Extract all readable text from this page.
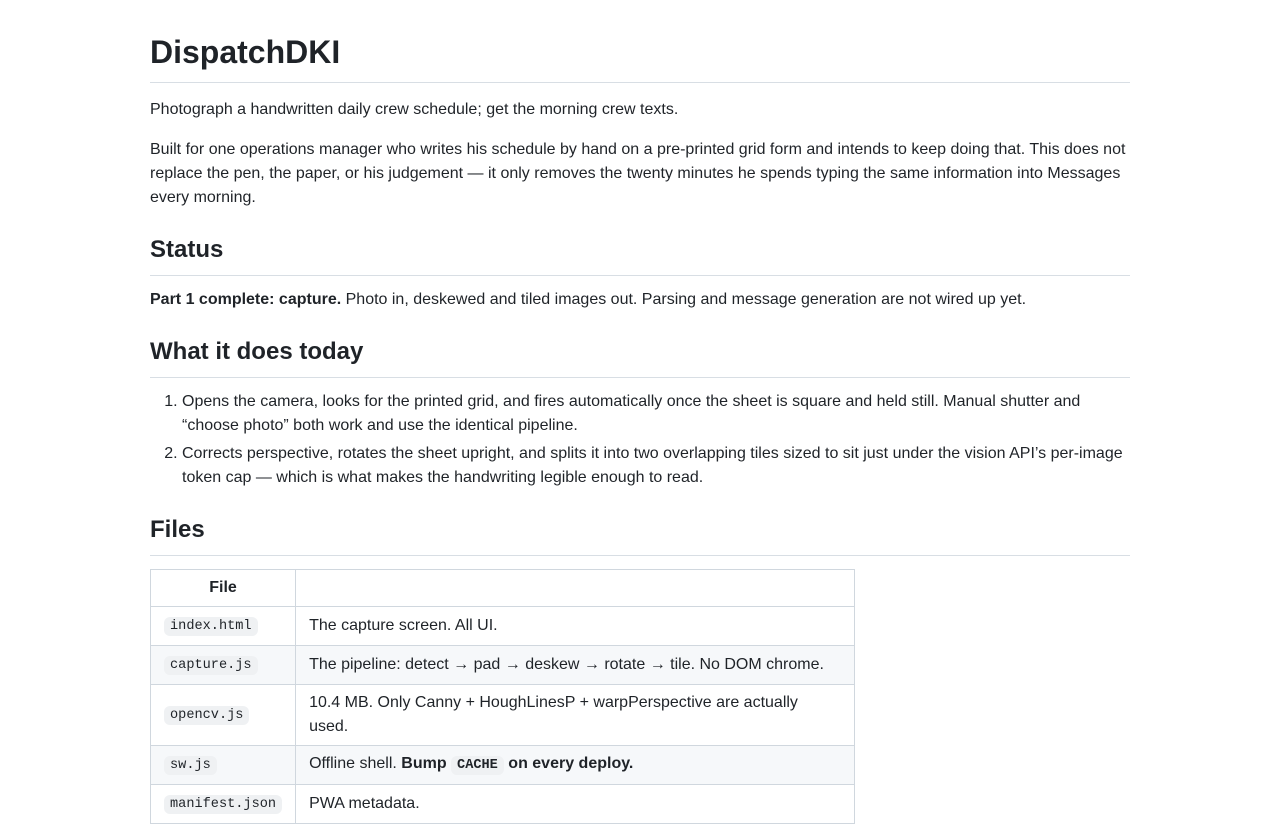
DispatchDKI

Photograph a handwritten daily crew schedule; get the morning crew texts.

Built for one operations manager who writes his schedule by hand on a pre-printed grid form and intends to keep doing that. This does not replace the pen, the paper, or his judgement — it only removes the twenty minutes he spends typing the same information into Messages every morning.

Status

Part 1 complete: capture. Photo in, deskewed and tiled images out. Parsing and message generation are not wired up yet.

What it does today
1. Opens the camera, looks for the printed grid, and fires automatically once the sheet is square and held still. Manual shutter and “choose photo” both work and use the identical pipeline.
2. Corrects perspective, rotates the sheet upright, and splits it into two overlapping tiles sized to sit just under the vision API’s per-image token cap — which is what makes the handwriting legible enough to read.
Files
File	
index.html	The capture screen. All UI.
capture.js	The pipeline: detect → pad → deskew → rotate → tile. No DOM chrome.
opencv.js	10.4 MB. Only Canny + HoughLinesP + warpPerspective are actually used.
sw.js	Offline shell. Bump CACHE on every deploy.
manifest.json	PWA metadata.
